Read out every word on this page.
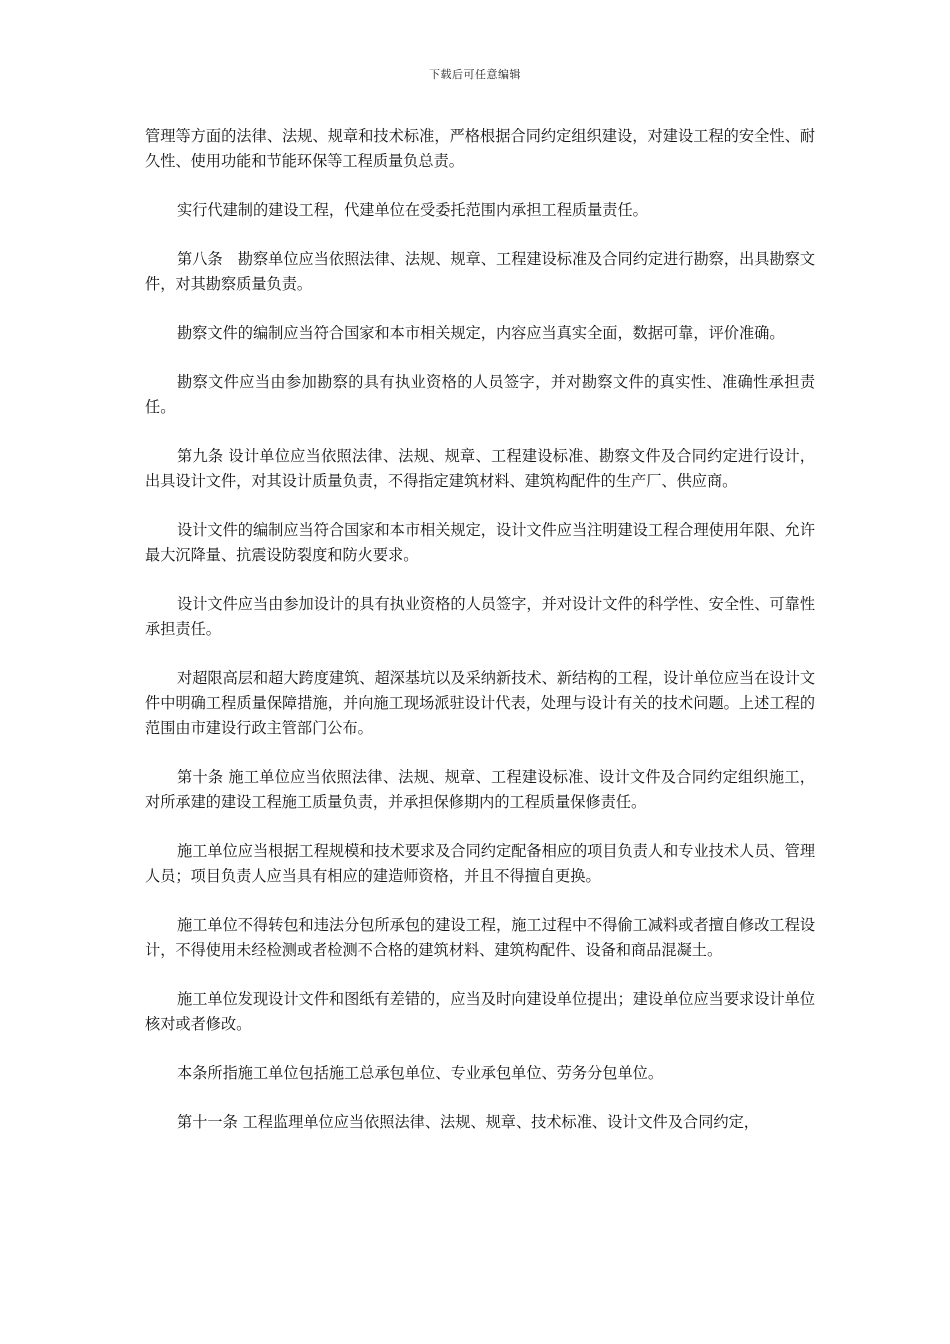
下载后可任意编辑

管理等方面的法律、法规、规章和技术标准，严格根据合同约定组织建设，对建设工程的安全性、耐久性、使用功能和节能环保等工程质量负总责。

实行代建制的建设工程，代建单位在受委托范围内承担工程质量责任。

第八条　勘察单位应当依照法律、法规、规章、工程建设标准及合同约定进行勘察，出具勘察文件，对其勘察质量负责。

勘察文件的编制应当符合国家和本市相关规定，内容应当真实全面，数据可靠，评价准确。

勘察文件应当由参加勘察的具有执业资格的人员签字，并对勘察文件的真实性、准确性承担责任。

第九条 设计单位应当依照法律、法规、规章、工程建设标准、勘察文件及合同约定进行设计，出具设计文件，对其设计质量负责，不得指定建筑材料、建筑构配件的生产厂、供应商。

设计文件的编制应当符合国家和本市相关规定，设计文件应当注明建设工程合理使用年限、允许最大沉降量、抗震设防裂度和防火要求。

设计文件应当由参加设计的具有执业资格的人员签字，并对设计文件的科学性、安全性、可靠性承担责任。

对超限高层和超大跨度建筑、超深基坑以及采纳新技术、新结构的工程，设计单位应当在设计文件中明确工程质量保障措施，并向施工现场派驻设计代表，处理与设计有关的技术问题。上述工程的范围由市建设行政主管部门公布。

第十条 施工单位应当依照法律、法规、规章、工程建设标准、设计文件及合同约定组织施工，对所承建的建设工程施工质量负责，并承担保修期内的工程质量保修责任。

施工单位应当根据工程规模和技术要求及合同约定配备相应的项目负责人和专业技术人员、管理人员；项目负责人应当具有相应的建造师资格，并且不得擅自更换。

施工单位不得转包和违法分包所承包的建设工程，施工过程中不得偷工减料或者擅自修改工程设计，不得使用未经检测或者检测不合格的建筑材料、建筑构配件、设备和商品混凝土。

施工单位发现设计文件和图纸有差错的，应当及时向建设单位提出；建设单位应当要求设计单位核对或者修改。

本条所指施工单位包括施工总承包单位、专业承包单位、劳务分包单位。

第十一条 工程监理单位应当依照法律、法规、规章、技术标准、设计文件及合同约定，
